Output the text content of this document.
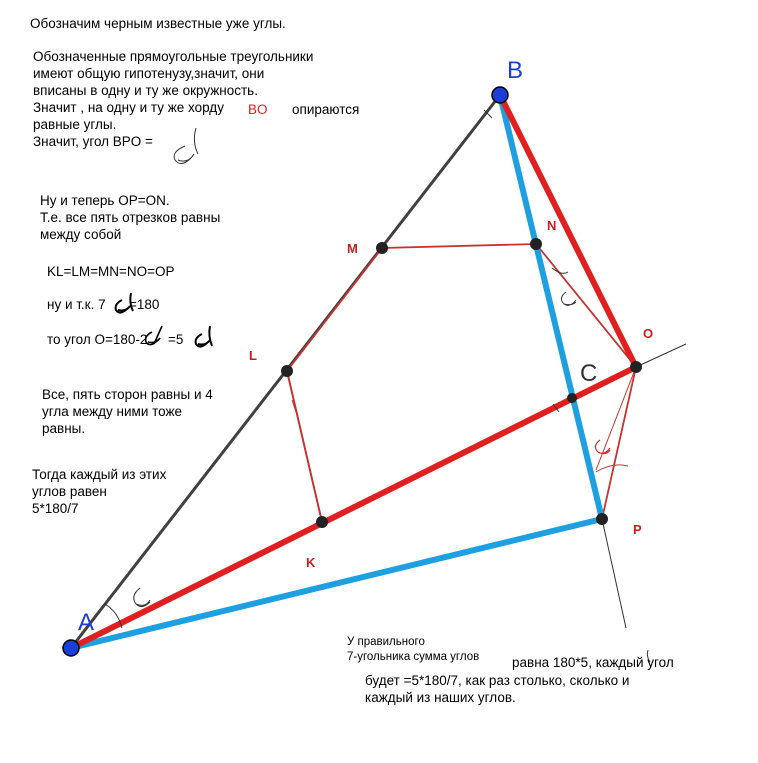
A
B
C
K
L
M
N
O
P
Обозначим черным известные уже углы.
Обозначенные прямоугольные треугольники
имеют общую гипотенузу,значит, они
вписаны в одну и ту же окружность.
Значит , на одну и ту же хорду BO опираются
равные углы.
Значит, угол BPO =
Ну и теперь OP=ON.
Т.е. все пять отрезков равны
между собой
KL=LM=MN=NO=OP
ну и т.к. 7 =180
то угол O=180-2 =5
Все, пять сторон равны и 4
угла между ними тоже
равны.
Тогда каждый из этих
углов равен
5*180/7
У правильного
7-угольника сумма углов равна 180*5, каждый угол
будет =5*180/7, как раз столько, сколько и
каждый из наших углов.
